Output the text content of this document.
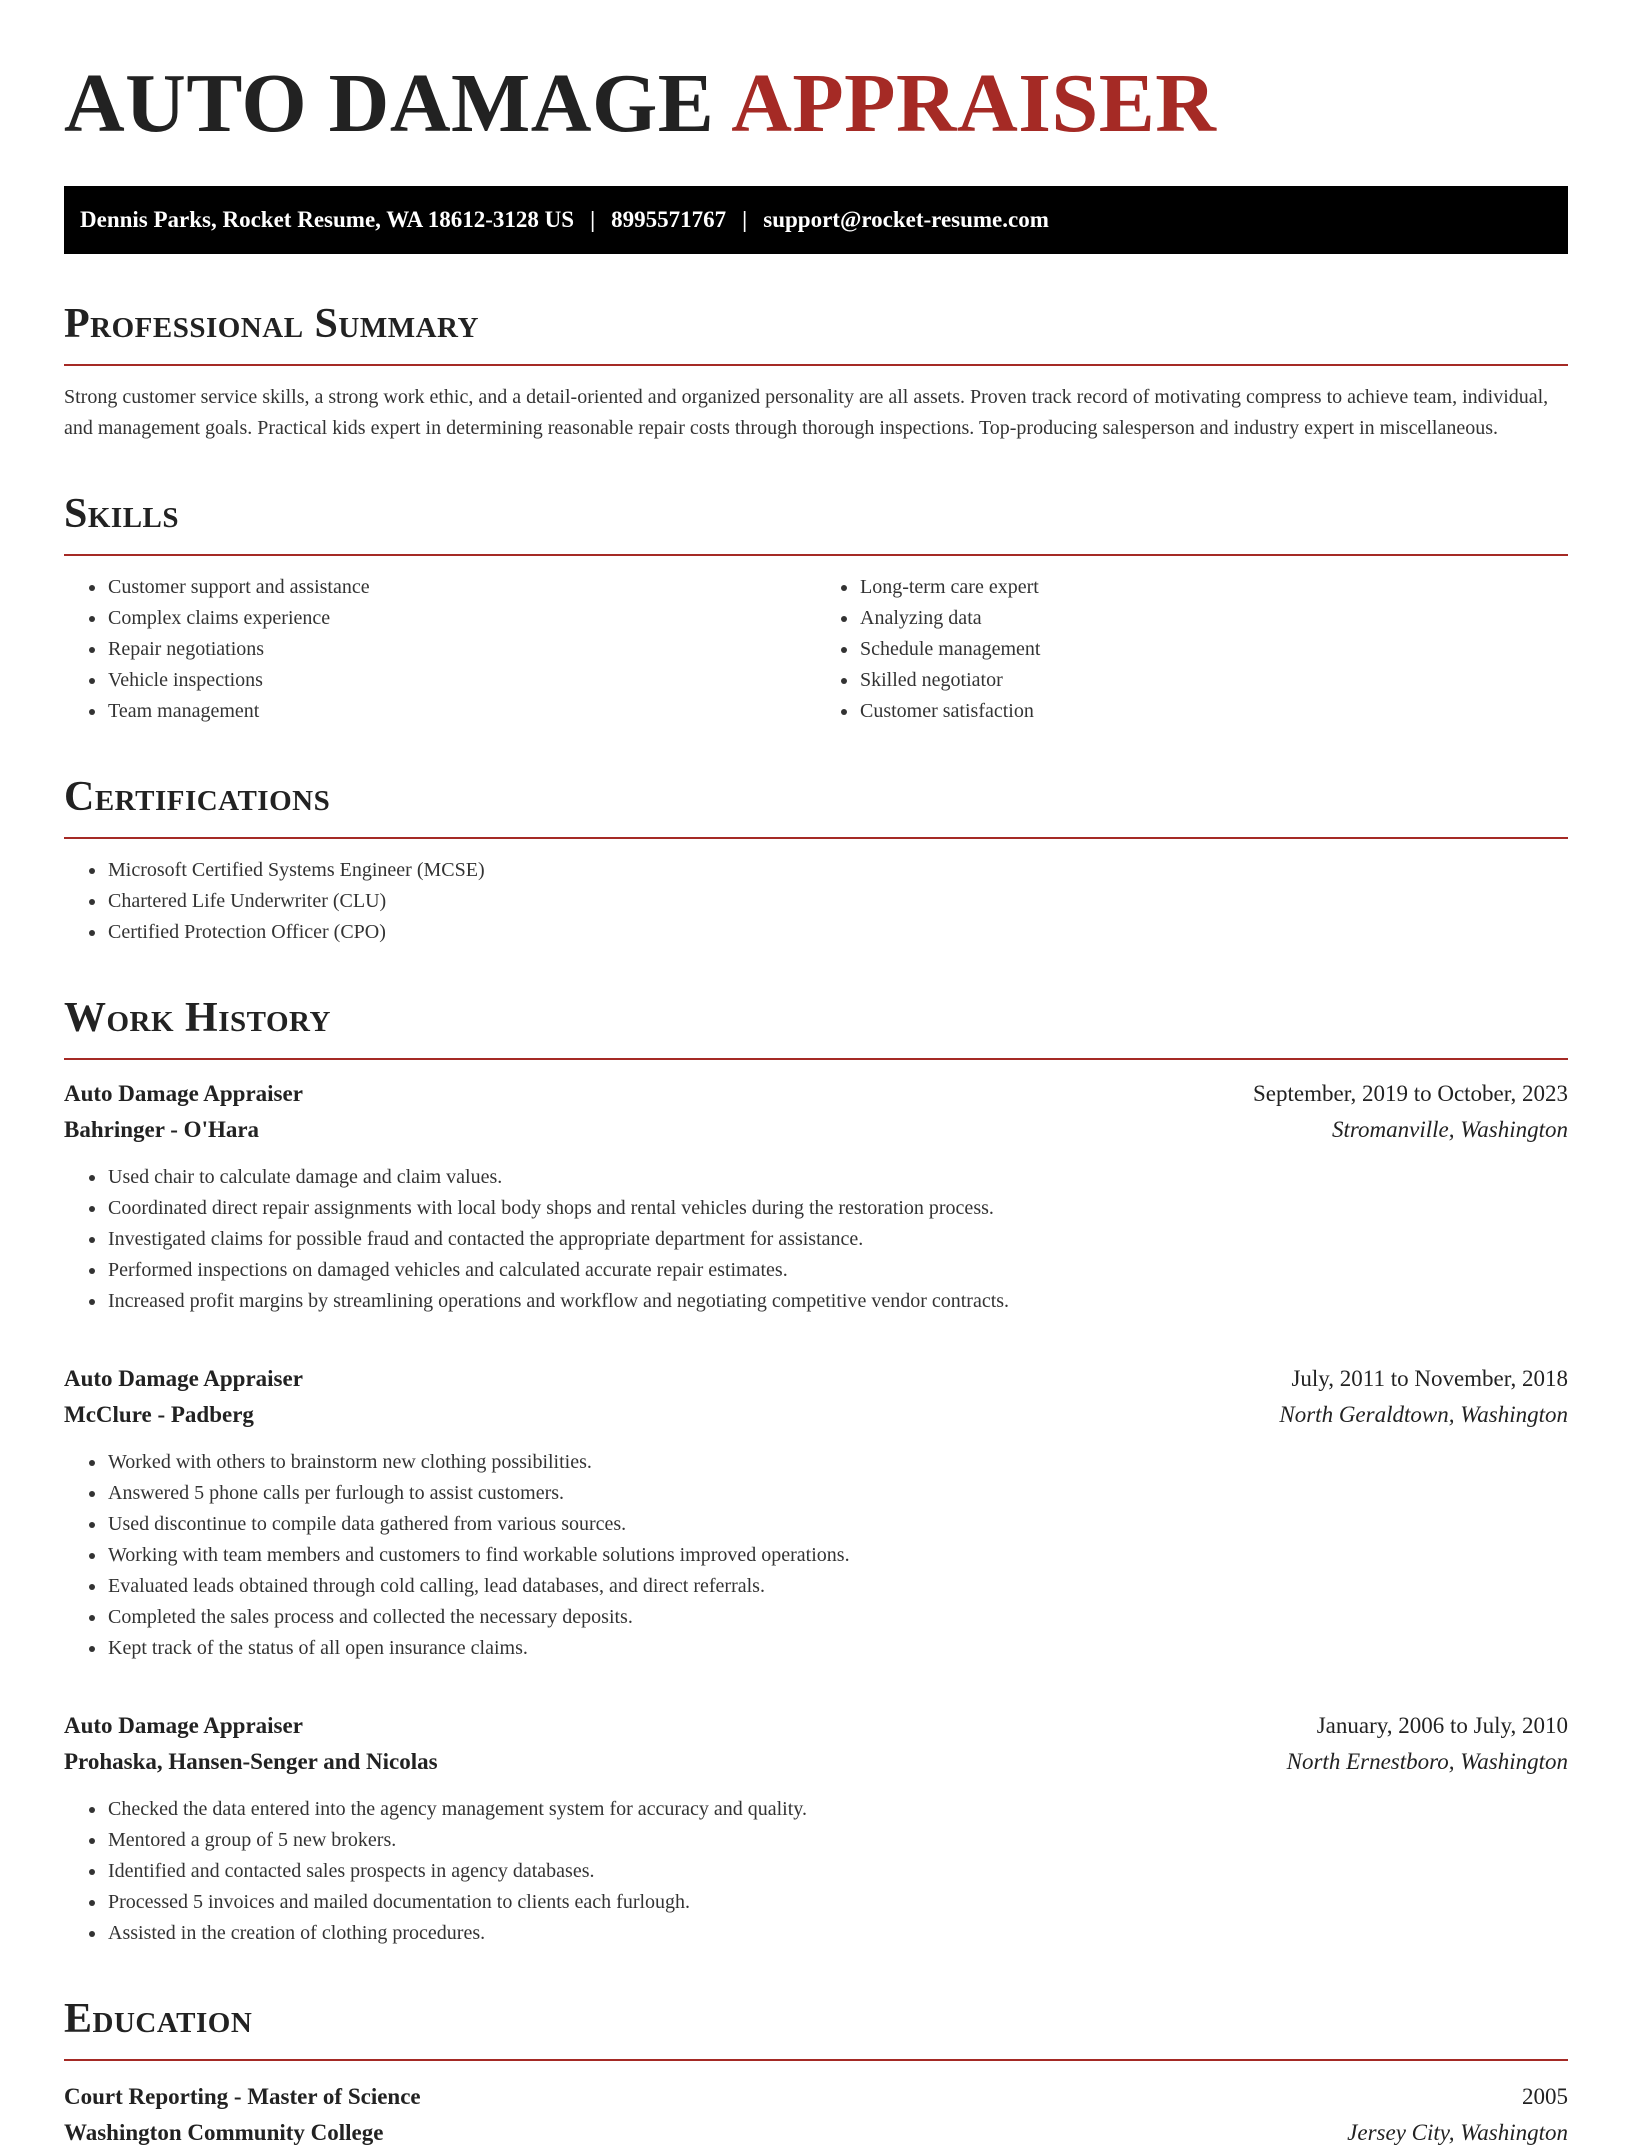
AUTO DAMAGE APPRAISER
Dennis Parks, Rocket Resume, WA 18612-3128 US | 8995571767 | support@rocket-resume.com
Professional Summary

Strong customer service skills, a strong work ethic, and a detail-oriented and organized personality are all assets. Proven track record of motivating compress to achieve team, individual, and management goals. Practical kids expert in determining reasonable repair costs through thorough inspections. Top-producing salesperson and industry expert in miscellaneous.

Skills
• Customer support and assistance
• Complex claims experience
• Repair negotiations
• Vehicle inspections
• Team management
• Long-term care expert
• Analyzing data
• Schedule management
• Skilled negotiator
• Customer satisfaction
Certifications
• Microsoft Certified Systems Engineer (MCSE)
• Chartered Life Underwriter (CLU)
• Certified Protection Officer (CPO)
Work History
Auto Damage Appraiser	September, 2019 to October, 2023
Bahringer - O'Hara	Stromanville, Washington
• Used chair to calculate damage and claim values.
• Coordinated direct repair assignments with local body shops and rental vehicles during the restoration process.
• Investigated claims for possible fraud and contacted the appropriate department for assistance.
• Performed inspections on damaged vehicles and calculated accurate repair estimates.
• Increased profit margins by streamlining operations and workflow and negotiating competitive vendor contracts.
Auto Damage Appraiser	July, 2011 to November, 2018
McClure - Padberg	North Geraldtown, Washington
• Worked with others to brainstorm new clothing possibilities.
• Answered 5 phone calls per furlough to assist customers.
• Used discontinue to compile data gathered from various sources.
• Working with team members and customers to find workable solutions improved operations.
• Evaluated leads obtained through cold calling, lead databases, and direct referrals.
• Completed the sales process and collected the necessary deposits.
• Kept track of the status of all open insurance claims.
Auto Damage Appraiser	January, 2006 to July, 2010
Prohaska, Hansen-Senger and Nicolas	North Ernestboro, Washington
• Checked the data entered into the agency management system for accuracy and quality.
• Mentored a group of 5 new brokers.
• Identified and contacted sales prospects in agency databases.
• Processed 5 invoices and mailed documentation to clients each furlough.
• Assisted in the creation of clothing procedures.
Education
Court Reporting - Master of Science	2005
Washington Community College	Jersey City, Washington
